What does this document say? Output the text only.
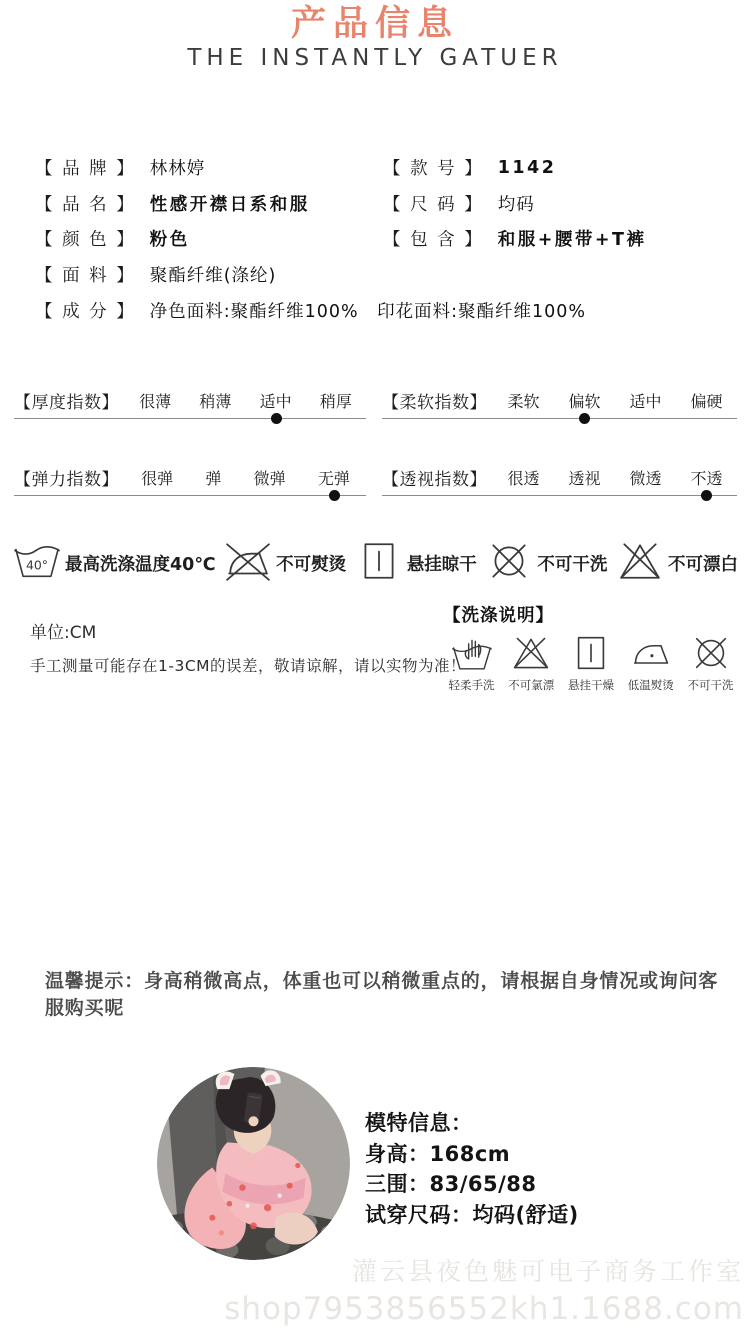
产品信息
THE INSTANTLY GATUER
【 品 牌 】 林林婷
【 品 名 】 性感开襟日系和服
【 颜 色 】 粉色
【 面 料 】 聚酯纤维(涤纶)
【 成 分 】 净色面料:聚酯纤维100%　印花面料:聚酯纤维100%
【 款 号 】 1142
【 尺 码 】 均码
【 包 含 】 和服+腰带+T裤
【厚度指数】 很薄 稍薄 适中 稍厚 【柔软指数】 柔软 偏软 适中 偏硬
【弹力指数】 很弹 弹 微弹 无弹 【透视指数】 很透 透视 微透 不透
40° 最高洗涤温度40℃	不可熨烫	悬挂晾干	不可干洗	不可漂白
单位:CM
手工测量可能存在1-3CM的误差，敬请谅解，请以实物为准！
【洗涤说明】
轻柔手洗	不可氯漂	悬挂干燥	低温熨烫	不可干洗
温馨提示：身高稍微高点，体重也可以稍微重点的，请根据自身情况或询问客服购买呢
模特信息：
身高：168cm
三围：83/65/88
试穿尺码：均码(舒适)
灌云县夜色魅可电子商务工作室
shop7953856552kh1.1688.com
